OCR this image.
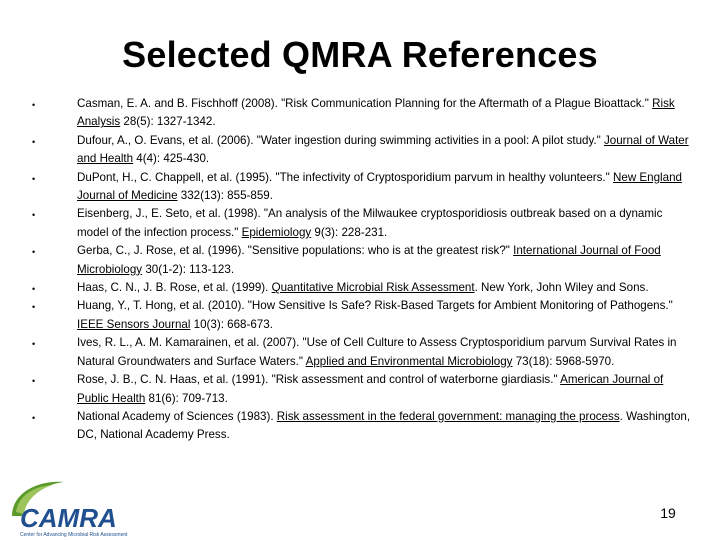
Selected QMRA References
•	Casman, E. A. and B. Fischhoff (2008). "Risk Communication Planning for the Aftermath of a Plague Bioattack." Risk Analysis 28(5): 1327-1342.
•	Dufour, A., O. Evans, et al. (2006). "Water ingestion during swimming activities in a pool: A pilot study." Journal of Water and Health 4(4): 425-430.
•	DuPont, H., C. Chappell, et al. (1995). "The infectivity of Cryptosporidium parvum in healthy volunteers." New England Journal of Medicine 332(13): 855-859.
•	Eisenberg, J., E. Seto, et al. (1998). "An analysis of the Milwaukee cryptosporidiosis outbreak based on a dynamic model of the infection process." Epidemiology 9(3): 228-231.
•	Gerba, C., J. Rose, et al. (1996). "Sensitive populations: who is at the greatest risk?" International Journal of Food Microbiology 30(1-2): 113-123.
•	Haas, C. N., J. B. Rose, et al. (1999). Quantitative Microbial Risk Assessment. New York, John Wiley and Sons.
•	Huang, Y., T. Hong, et al. (2010). "How Sensitive Is Safe? Risk-Based Targets for Ambient Monitoring of Pathogens." IEEE Sensors Journal 10(3): 668-673.
•	Ives, R. L., A. M. Kamarainen, et al. (2007). "Use of Cell Culture to Assess Cryptosporidium parvum Survival Rates in Natural Groundwaters and Surface Waters." Applied and Environmental Microbiology 73(18): 5968-5970.
•	Rose, J. B., C. N. Haas, et al. (1991). "Risk assessment and control of waterborne giardiasis." American Journal of Public Health 81(6): 709-713.
•	National Academy of Sciences (1983). Risk assessment in the federal government: managing the process. Washington, DC, National Academy Press.
CAMRA
Center for Advancing Microbial Risk Assessment
19
